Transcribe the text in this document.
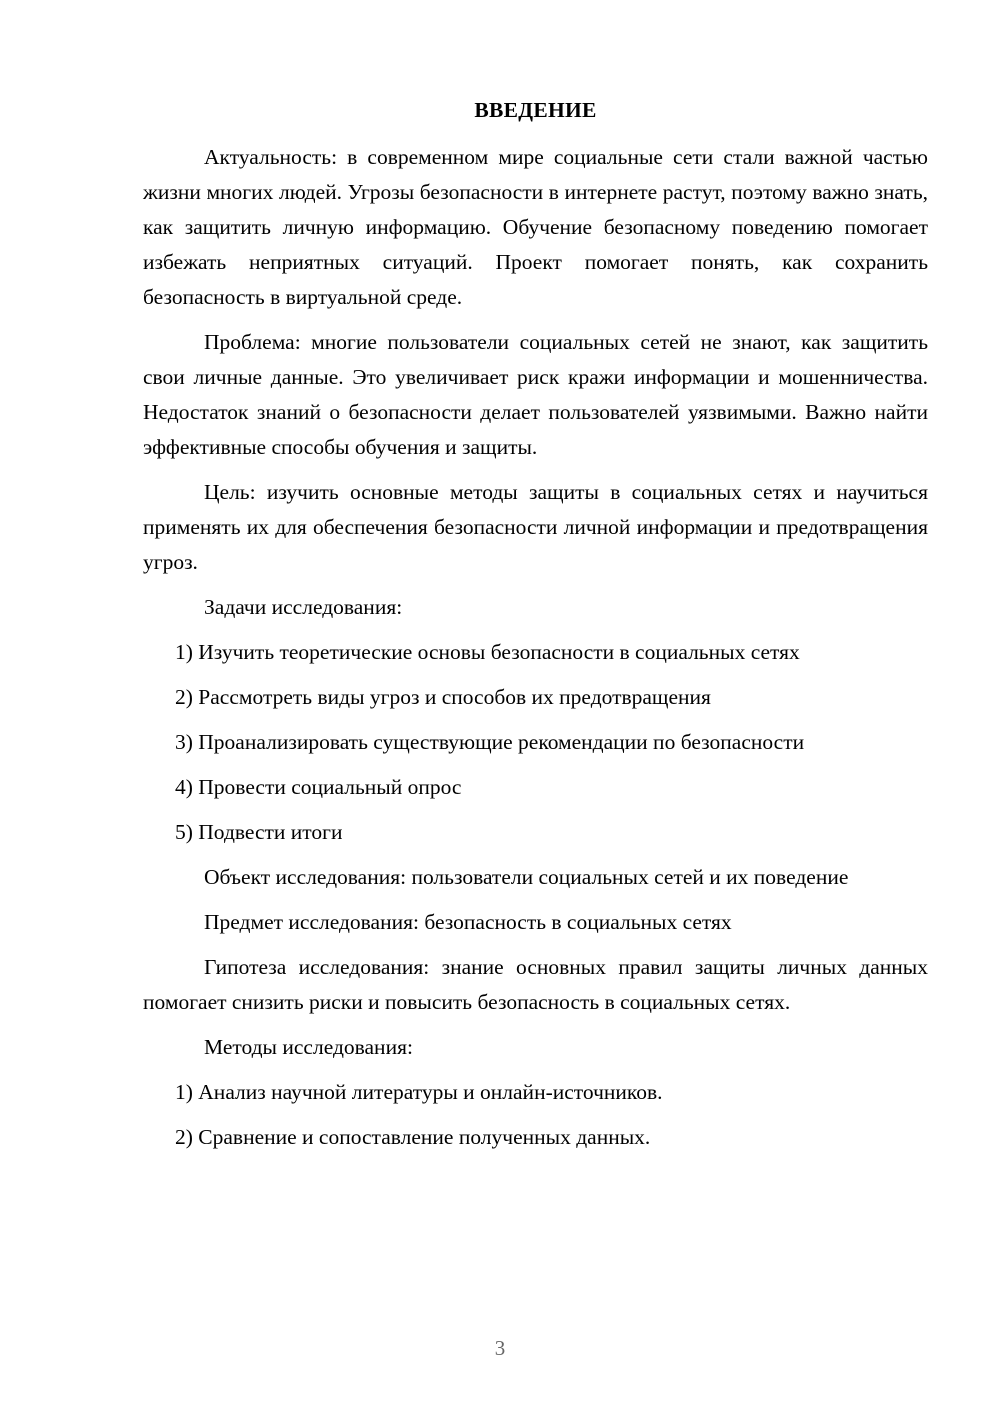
ВВЕДЕНИЕ

Актуальность: в современном мире социальные сети стали важной частью жизни многих людей. Угрозы безопасности в интернете растут, поэтому важно знать, как защитить личную информацию. Обучение безопасному поведению помогает избежать неприятных ситуаций. Проект помогает понять, как сохранить безопасность в виртуальной среде.

Проблема: многие пользователи социальных сетей не знают, как защитить свои личные данные. Это увеличивает риск кражи информации и мошенничества. Недостаток знаний о безопасности делает пользователей уязвимыми. Важно найти эффективные способы обучения и защиты.

Цель: изучить основные методы защиты в социальных сетях и научиться применять их для обеспечения безопасности личной информации и предотвращения угроз.

Задачи исследования:

1) Изучить теоретические основы безопасности в социальных сетях
2) Рассмотреть виды угроз и способов их предотвращения
3) Проанализировать существующие рекомендации по безопасности
4) Провести социальный опрос
5) Подвести итоги

Объект исследования: пользователи социальных сетей и их поведение

Предмет исследования: безопасность в социальных сетях

Гипотеза исследования: знание основных правил защиты личных данных помогает снизить риски и повысить безопасность в социальных сетях.

Методы исследования:

1) Анализ научной литературы и онлайн-источников.
2) Сравнение и сопоставление полученных данных.
3
